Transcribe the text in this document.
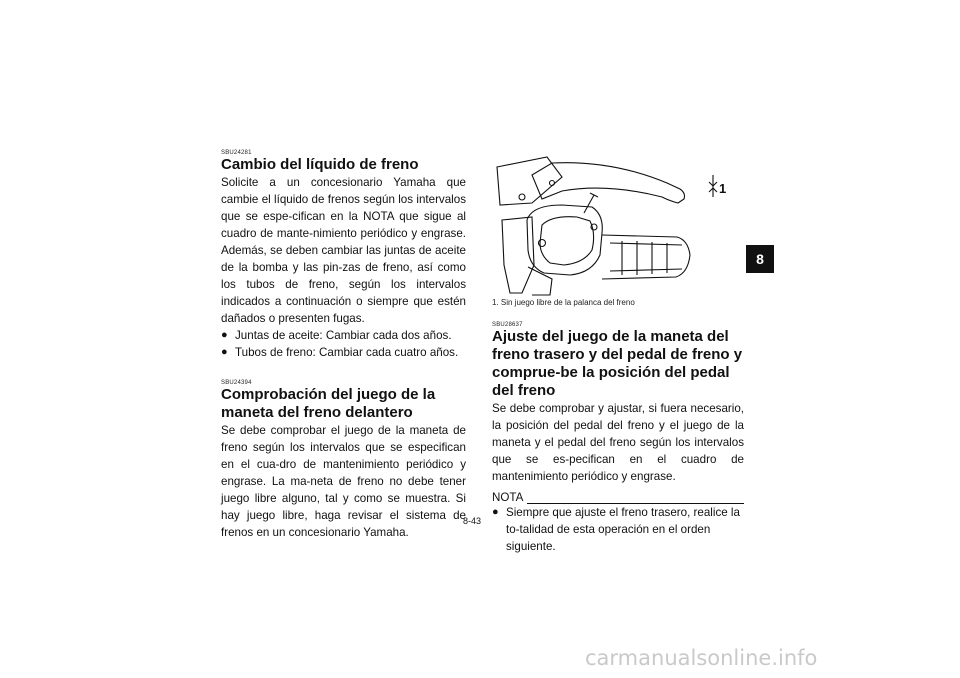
SBU24281
Cambio del líquido de freno

Solicite a un concesionario Yamaha que cambie el líquido de frenos según los intervalos que se espe-cifican en la NOTA que sigue al cuadro de mante-nimiento periódico y engrase. Además, se deben cambiar las juntas de aceite de la bomba y las pin-zas de freno, así como los tubos de freno, según los intervalos indicados a continuación o siempre que estén dañados o presenten fugas.

● Juntas de aceite: Cambiar cada dos años.
● Tubos de freno: Cambiar cada cuatro años.
SBU24394
Comprobación del juego de la maneta del freno delantero

Se debe comprobar el juego de la maneta de freno según los intervalos que se especifican en el cua-dro de mantenimiento periódico y engrase. La ma-neta de freno no debe tener juego libre alguno, tal y como se muestra. Si hay juego libre, haga revisar el sistema de frenos en un concesionario Yamaha.

1
1. Sin juego libre de la palanca del freno
SBU28637
Ajuste del juego de la maneta del freno trasero y del pedal de freno y comprue-be la posición del pedal del freno

Se debe comprobar y ajustar, si fuera necesario, la posición del pedal del freno y el juego de la maneta y el pedal del freno según los intervalos que se es-pecifican en el cuadro de mantenimiento periódico y engrase.

NOTA
● Siempre que ajuste el freno trasero, realice la to-talidad de esta operación en el orden siguiente.
8
8-43
carmanualsonline.info
